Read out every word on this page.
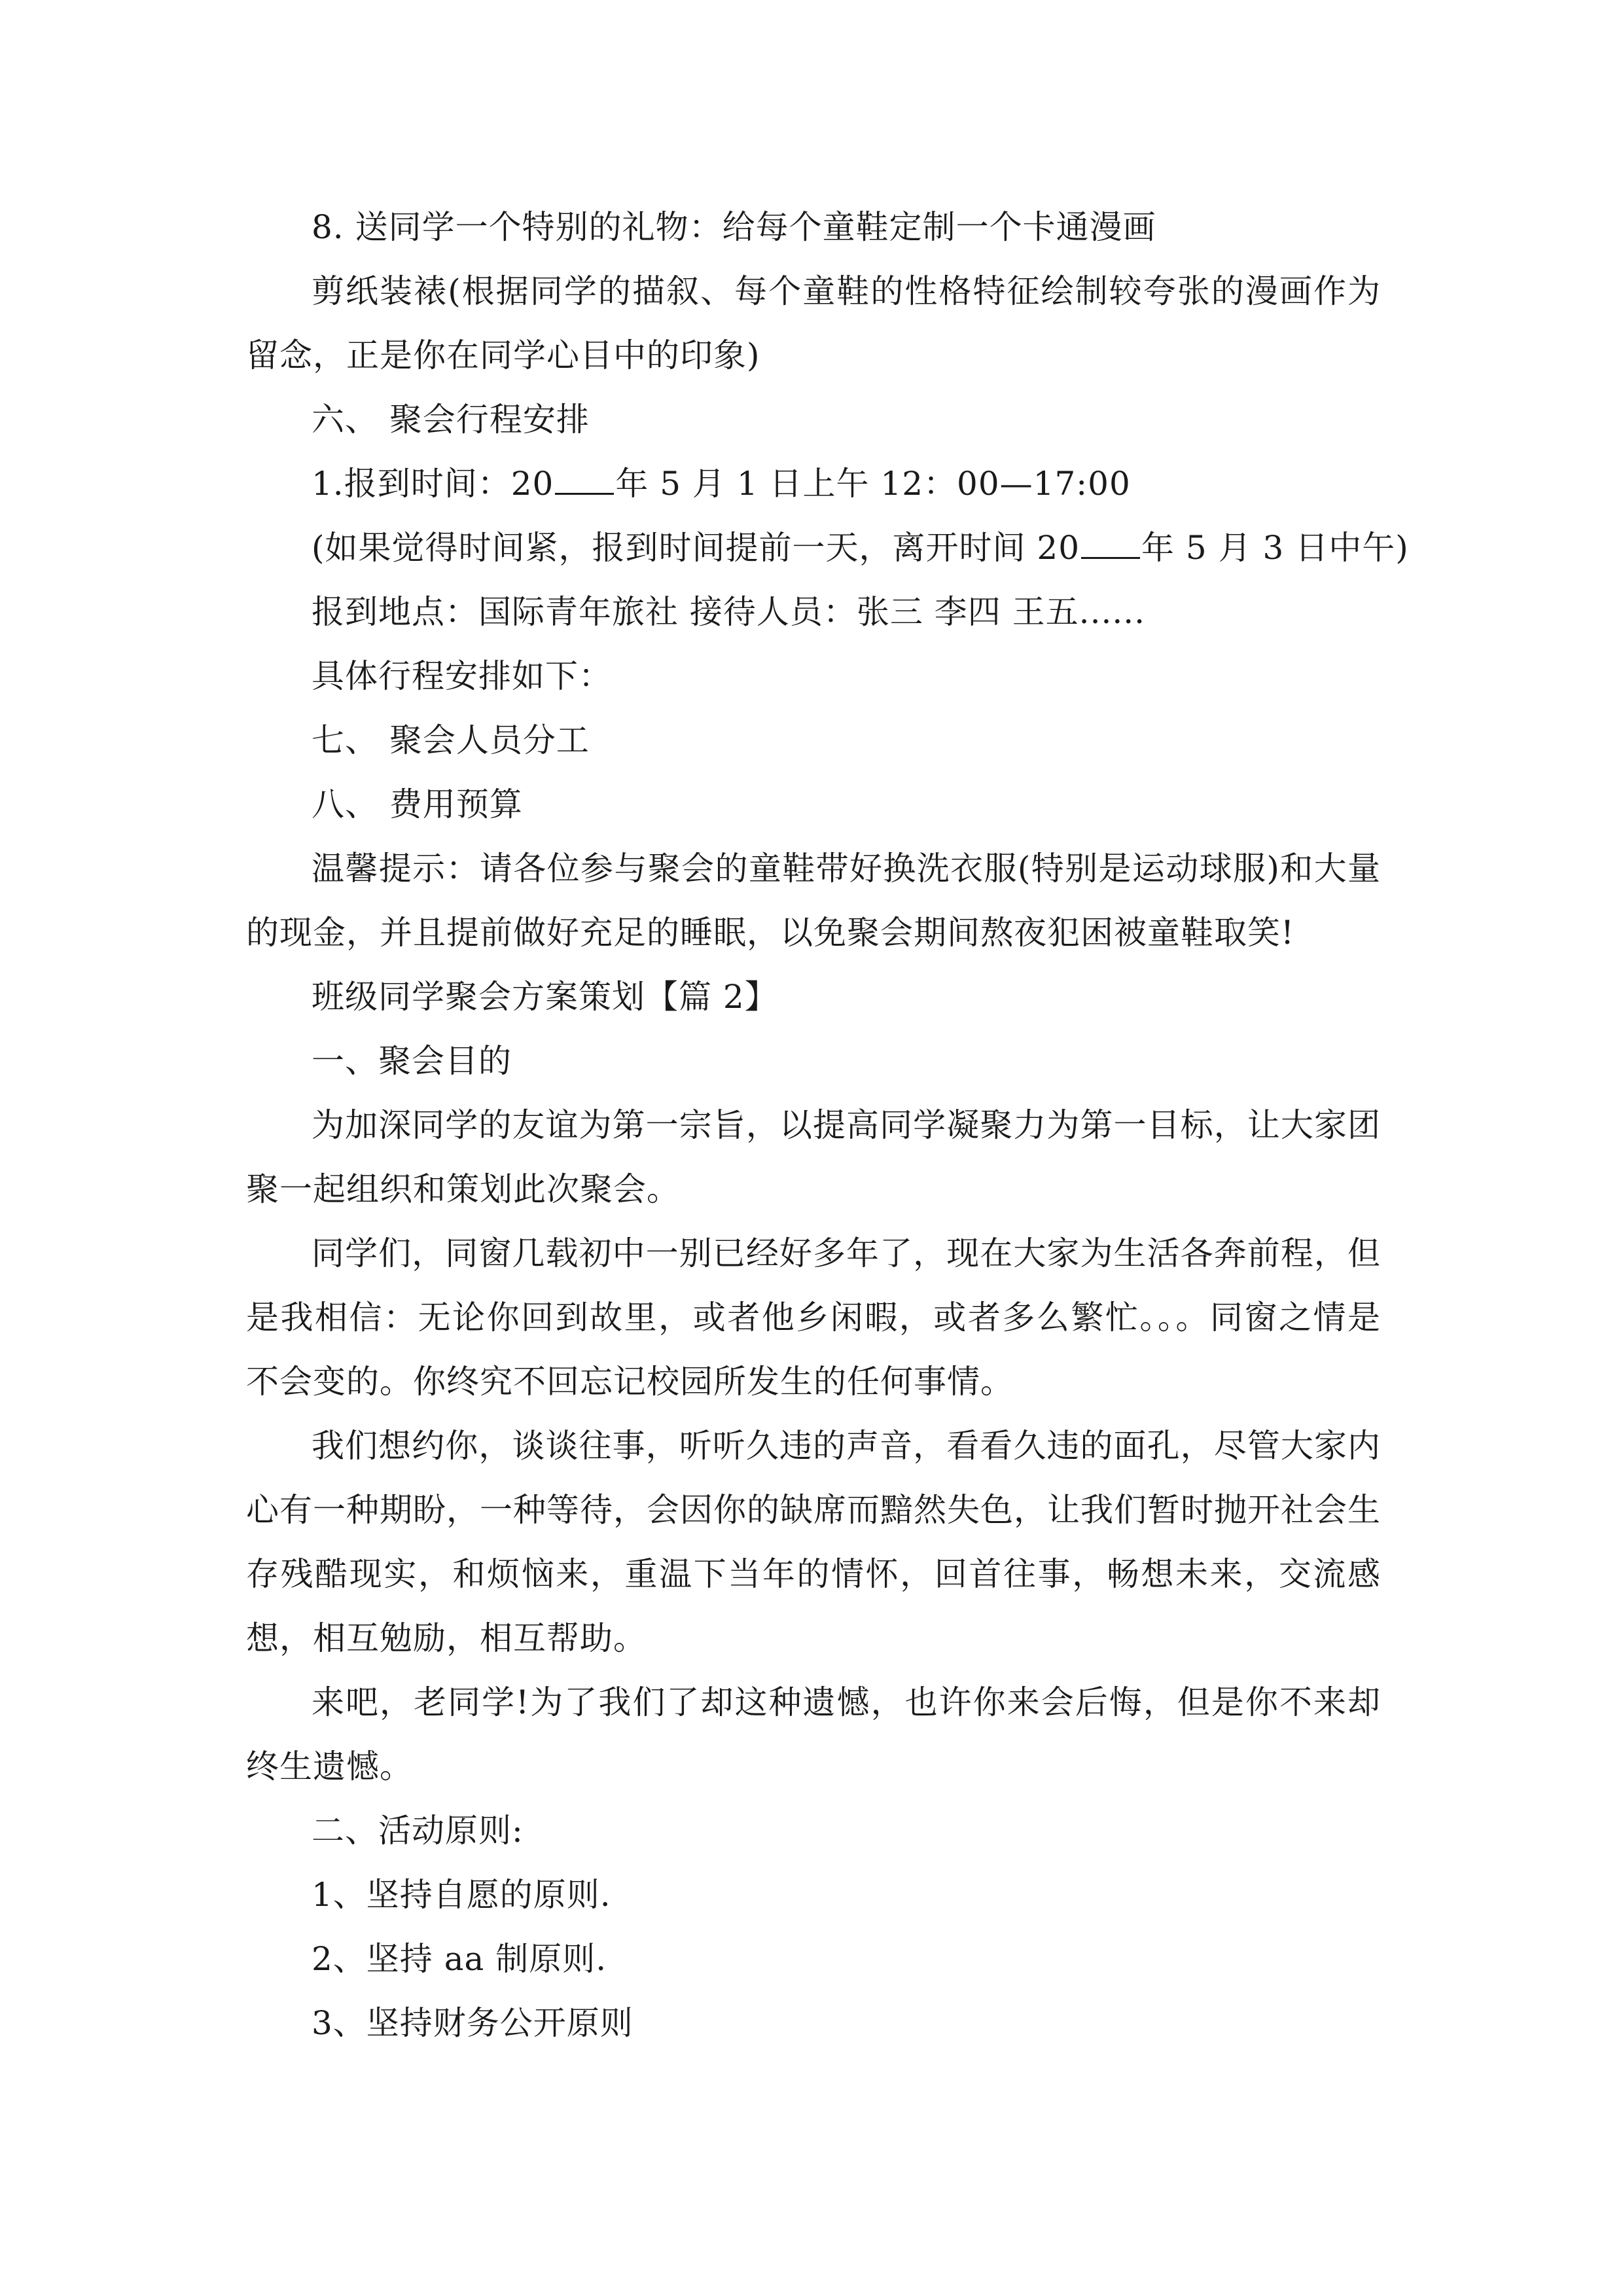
8. 送同学一个特别的礼物：给每个童鞋定制一个卡通漫画

剪纸装裱(根据同学的描叙、每个童鞋的性格特征绘制较夸张的漫画作为留念，正是你在同学心目中的印象)

六、 聚会行程安排

1.报到时间：20 年 5 月 1 日上午 12：00—17:00

(如果觉得时间紧，报到时间提前一天，离开时间 20 年 5 月 3 日中午)

报到地点：国际青年旅社 接待人员：张三 李四 王五......

具体行程安排如下：

七、 聚会人员分工

八、 费用预算

温馨提示：请各位参与聚会的童鞋带好换洗衣服(特别是运动球服)和大量的现金，并且提前做好充足的睡眠，以免聚会期间熬夜犯困被童鞋取笑!

班级同学聚会方案策划【篇 2】

一、聚会目的

为加深同学的友谊为第一宗旨，以提高同学凝聚力为第一目标，让大家团聚一起组织和策划此次聚会。

同学们，同窗几载初中一别已经好多年了，现在大家为生活各奔前程，但是我相信：无论你回到故里，或者他乡闲暇，或者多么繁忙。。。同窗之情是不会变的。你终究不回忘记校园所发生的任何事情。

我们想约你，谈谈往事，听听久违的声音，看看久违的面孔，尽管大家内心有一种期盼，一种等待，会因你的缺席而黯然失色，让我们暂时抛开社会生存残酷现实，和烦恼来，重温下当年的情怀，回首往事，畅想未来，交流感想，相互勉励，相互帮助。

来吧，老同学!为了我们了却这种遗憾，也许你来会后悔，但是你不来却终生遗憾。

二、活动原则:

1、坚持自愿的原则.

2、坚持 aa 制原则.

3、坚持财务公开原则
